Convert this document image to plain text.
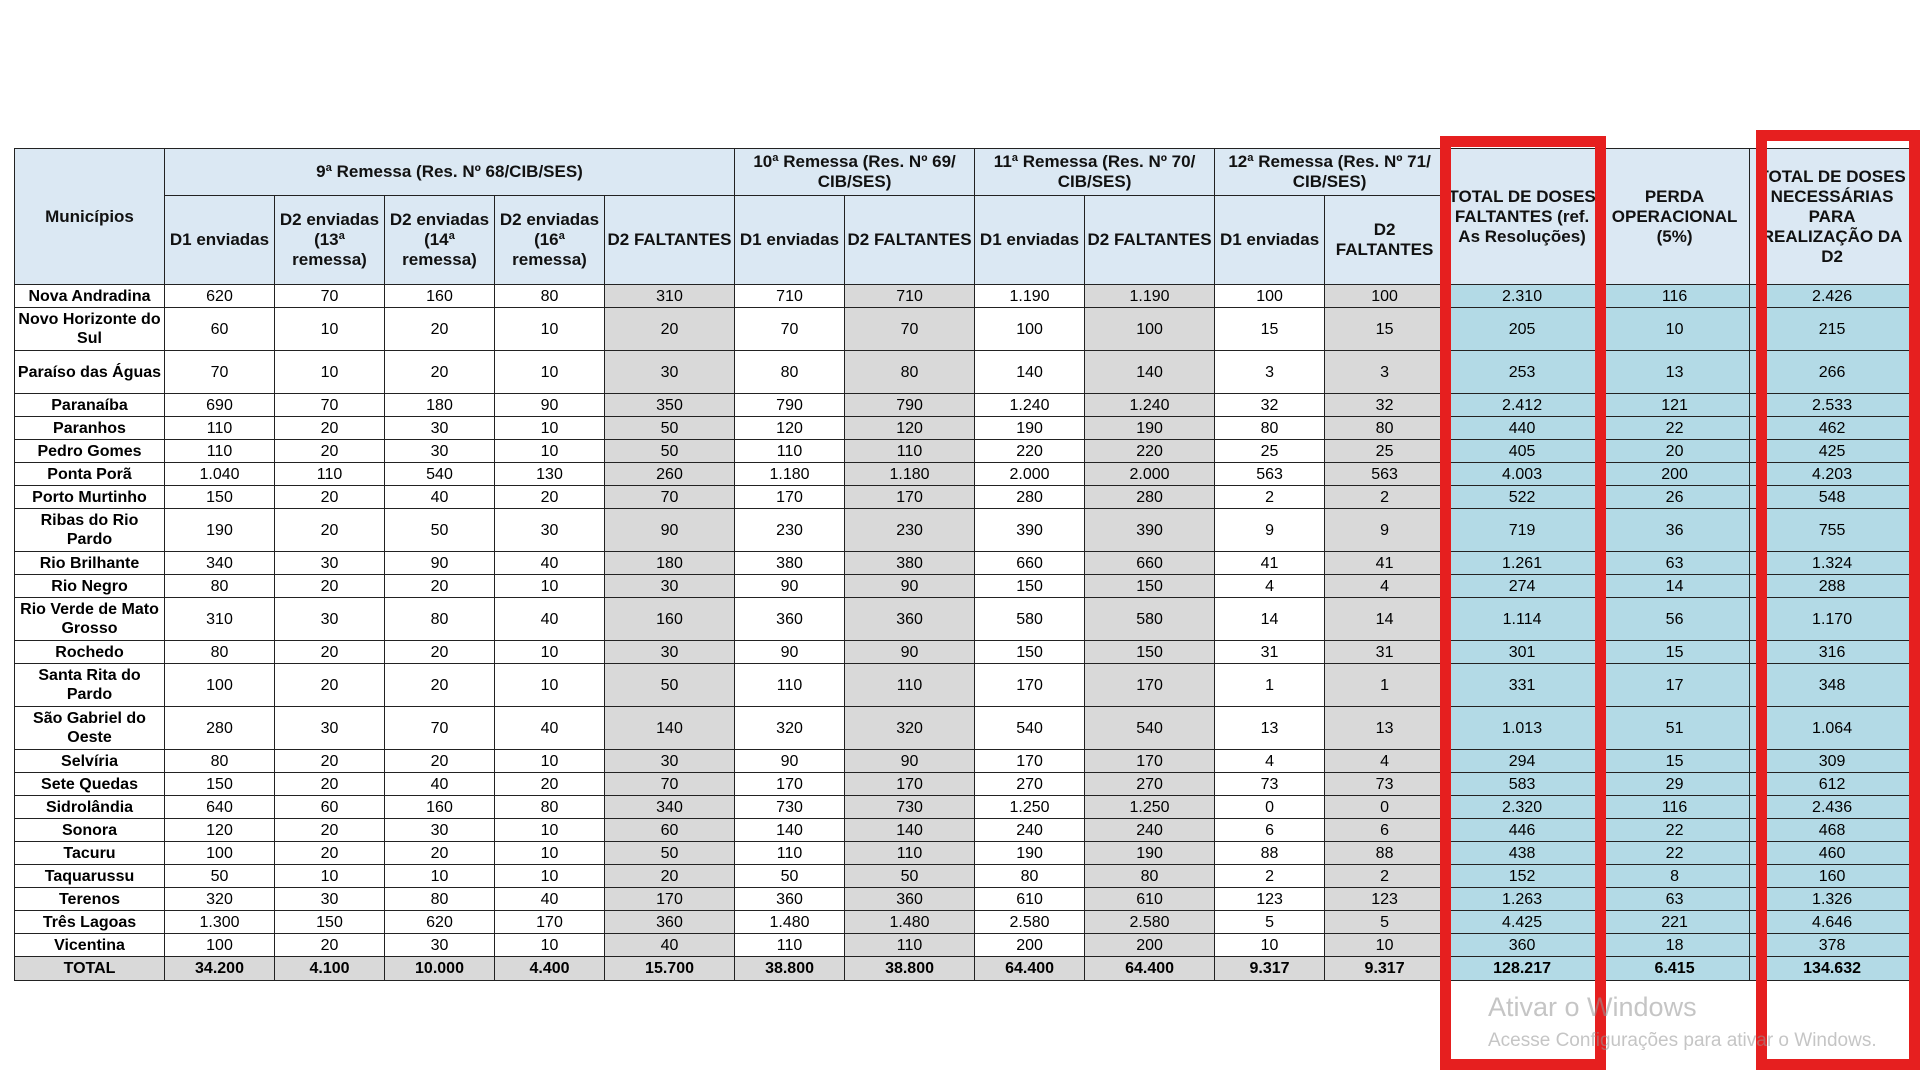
Municípios	9ª Remessa (Res. Nº 68/CIB/SES)					10ª Remessa (Res. Nº 69/ CIB/SES)		11ª Remessa (Res. Nº 70/ CIB/SES)		12ª Remessa (Res. Nº 71/ CIB/SES)		TOTAL DE DOSES FALTANTES (ref. As Resoluções)	PERDA OPERACIONAL (5%)	TOTAL DE DOSES NECESSÁRIAS PARA REALIZAÇÃO DA D2
	D1 enviadas	D2 enviadas (13ª remessa)	D2 enviadas (14ª remessa)	D2 enviadas (16ª remessa)	D2 FALTANTES	D1 enviadas	D2 FALTANTES	D1 enviadas	D2 FALTANTES	D1 enviadas	D2 FALTANTES			
Nova Andradina	620	70	160	80	310	710	710	1.190	1.190	100	100	2.310	116	2.426
Novo Horizonte do Sul	60	10	20	10	20	70	70	100	100	15	15	205	10	215
Paraíso das Águas	70	10	20	10	30	80	80	140	140	3	3	253	13	266
Paranaíba	690	70	180	90	350	790	790	1.240	1.240	32	32	2.412	121	2.533
Paranhos	110	20	30	10	50	120	120	190	190	80	80	440	22	462
Pedro Gomes	110	20	30	10	50	110	110	220	220	25	25	405	20	425
Ponta Porã	1.040	110	540	130	260	1.180	1.180	2.000	2.000	563	563	4.003	200	4.203
Porto Murtinho	150	20	40	20	70	170	170	280	280	2	2	522	26	548
Ribas do Rio Pardo	190	20	50	30	90	230	230	390	390	9	9	719	36	755
Rio Brilhante	340	30	90	40	180	380	380	660	660	41	41	1.261	63	1.324
Rio Negro	80	20	20	10	30	90	90	150	150	4	4	274	14	288
Rio Verde de Mato Grosso	310	30	80	40	160	360	360	580	580	14	14	1.114	56	1.170
Rochedo	80	20	20	10	30	90	90	150	150	31	31	301	15	316
Santa Rita do Pardo	100	20	20	10	50	110	110	170	170	1	1	331	17	348
São Gabriel do Oeste	280	30	70	40	140	320	320	540	540	13	13	1.013	51	1.064
Selvíria	80	20	20	10	30	90	90	170	170	4	4	294	15	309
Sete Quedas	150	20	40	20	70	170	170	270	270	73	73	583	29	612
Sidrolândia	640	60	160	80	340	730	730	1.250	1.250	0	0	2.320	116	2.436
Sonora	120	20	30	10	60	140	140	240	240	6	6	446	22	468
Tacuru	100	20	20	10	50	110	110	190	190	88	88	438	22	460
Taquarussu	50	10	10	10	20	50	50	80	80	2	2	152	8	160
Terenos	320	30	80	40	170	360	360	610	610	123	123	1.263	63	1.326
Três Lagoas	1.300	150	620	170	360	1.480	1.480	2.580	2.580	5	5	4.425	221	4.646
Vicentina	100	20	30	10	40	110	110	200	200	10	10	360	18	378
TOTAL	34.200	4.100	10.000	4.400	15.700	38.800	38.800	64.400	64.400	9.317	9.317	128.217	6.415	134.632
Ativar o Windows
Acesse Configurações para ativar o Windows.
